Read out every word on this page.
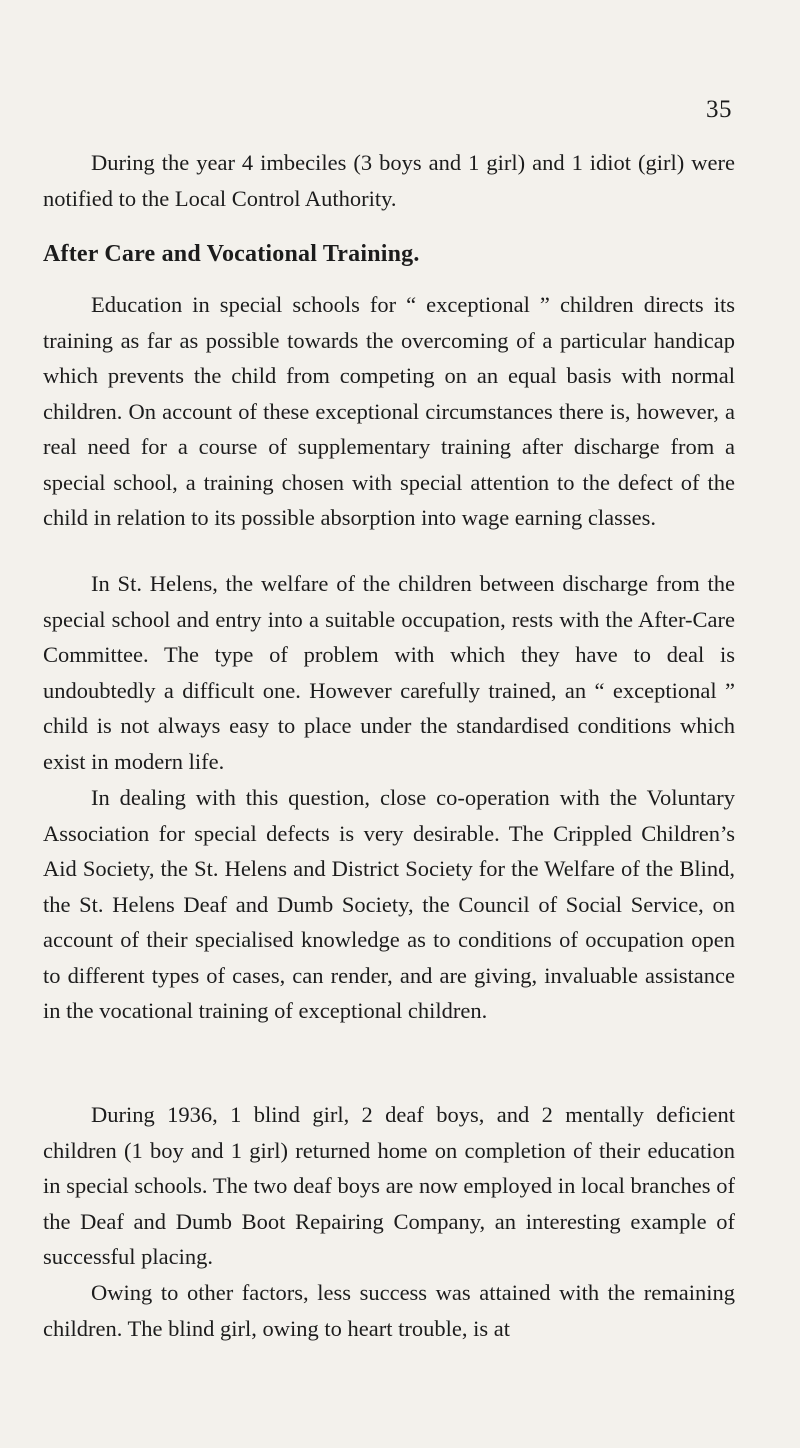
35

During the year 4 imbeciles (3 boys and 1 girl) and 1 idiot (girl) were notified to the Local Control Authority.

After Care and Vocational Training.

Education in special schools for “ exceptional ” children directs its training as far as possible towards the overcoming of a particular handicap which prevents the child from competing on an equal basis with normal children. On account of these exceptional circumstances there is, however, a real need for a course of supplementary training after discharge from a special school, a training chosen with special attention to the defect of the child in relation to its possible absorption into wage earning classes.

In St. Helens, the welfare of the children between discharge from the special school and entry into a suitable occupation, rests with the After-Care Committee. The type of problem with which they have to deal is undoubtedly a difficult one. However carefully trained, an “ exceptional ” child is not always easy to place under the standardised conditions which exist in modern life.

In dealing with this question, close co-operation with the Voluntary Association for special defects is very desirable. The Crippled Children’s Aid Society, the St. Helens and District Society for the Welfare of the Blind, the St. Helens Deaf and Dumb Society, the Council of Social Service, on account of their specialised knowledge as to conditions of occupation open to different types of cases, can render, and are giving, invaluable assistance in the vocational training of exceptional children.

During 1936, 1 blind girl, 2 deaf boys, and 2 mentally deficient children (1 boy and 1 girl) returned home on completion of their education in special schools. The two deaf boys are now employed in local branches of the Deaf and Dumb Boot Repairing Company, an interesting example of successful placing.

Owing to other factors, less success was attained with the remaining children. The blind girl, owing to heart trouble, is at
